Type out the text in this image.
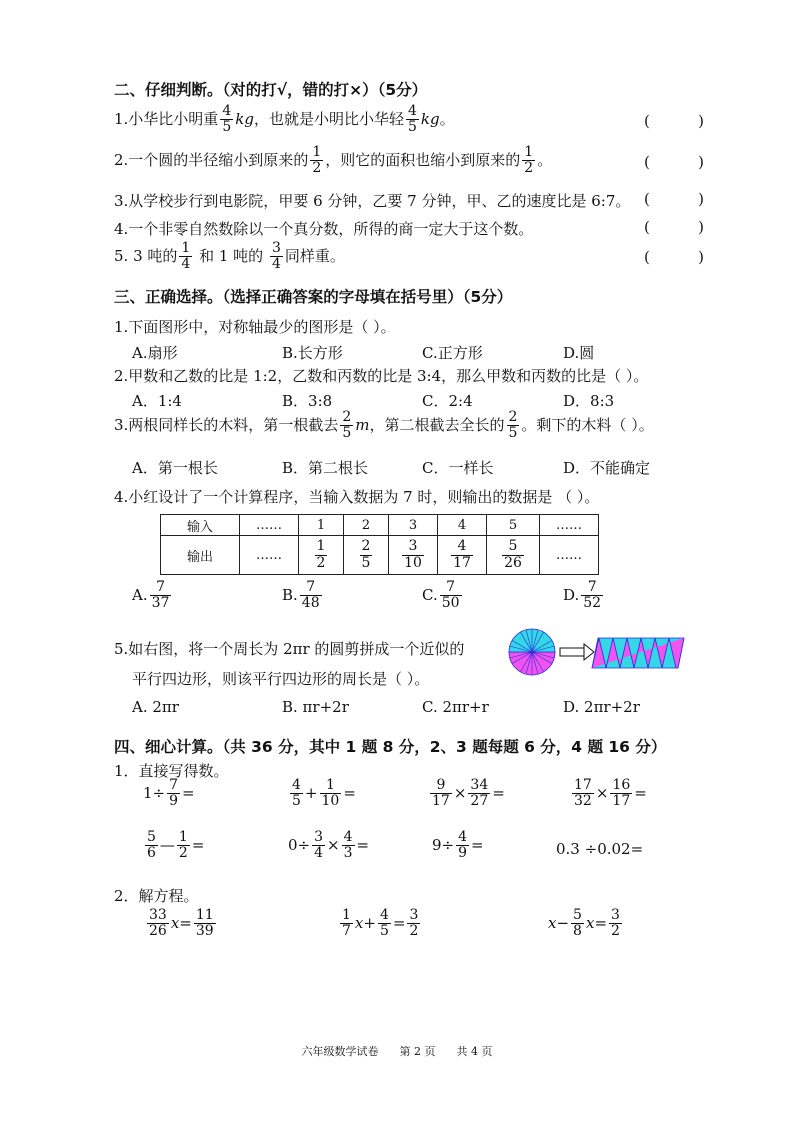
二、仔细判断。（对的打√，错的打×）（5分）
1.小华比小明重 $\frac{4}{5}$ kg，也就是小明比小华轻 $\frac{4}{5}$ kg。	(	)
2.一个圆的半径缩小到原来的 $\frac{1}{2}$ ，则它的面积也缩小到原来的 $\frac{1}{2}$ 。	(	)
3.从学校步行到电影院，甲要 6 分钟，乙要 7 分钟，甲、乙的速度比是 6:7。 (	)
4.一个非零自然数除以一个真分数，所得的商一定大于这个数。	(	)
5. 3 吨的 $\frac{1}{4}$ 和 1 吨的 $\frac{3}{4}$ 同样重。	(	)
三、正确选择。（选择正确答案的字母填在括号里）（5分）
1.下面图形中，对称轴最少的图形是（ ）。
A.扇形	B.长方形	C.正方形	D.圆
2.甲数和乙数的比是 1:2，乙数和丙数的比是 3:4，那么甲数和丙数的比是（ ）。
A．1:4	B．3:8	C．2:4	D．8:3
3.两根同样长的木料，第一根截去 $\frac{2}{5}$ m，第二根截去全长的 $\frac{2}{5}$ 。剩下的木料（ ）。
A．第一根长	B．第二根长	C．一样长	D．不能确定
4.小红设计了一个计算程序，当输入数据为 7 时，则输出的数据是 （ ）。
输入	……	1	2	3	4	5	……
输出	……	$\frac{1}{2}$	$\frac{2}{5}$	$\frac{3}{10}$	$\frac{4}{17}$	$\frac{5}{26}$	……
A. $\frac{7}{37}$	B. $\frac{7}{48}$	C. $\frac{7}{50}$	D. $\frac{7}{52}$
5.如右图，将一个周长为 2πr 的圆剪拼成一个近似的
平行四边形，则该平行四边形的周长是（ ）。
A. 2πr	B. πr+2r	C. 2πr+r	D. 2πr+2r
四、细心计算。（共 36 分，其中 1 题 8 分，2、3 题每题 6 分，4 题 16 分）
1．直接写得数。
$1\div \frac{7}{9}$ =	$\frac{4}{5} + \frac{1}{10}$ =	$\frac{9}{17} \times \frac{34}{27}$ =	$\frac{17}{32} \times \frac{16}{17}$ =
$\frac{5}{6}$ — $\frac{1}{2}$ =	$0\div \frac{3}{4} \times \frac{4}{3}$ =	$9\div \frac{4}{9}$ =	0.3 ÷0.02=
2．解方程。
$\frac{33}{26} x= \frac{11}{39}$	$\frac{1}{7} x+ \frac{4}{5} = \frac{3}{2}$	$x- \frac{5}{8} x= \frac{3}{2}$
六年级数学试卷      第 2 页      共 4 页
